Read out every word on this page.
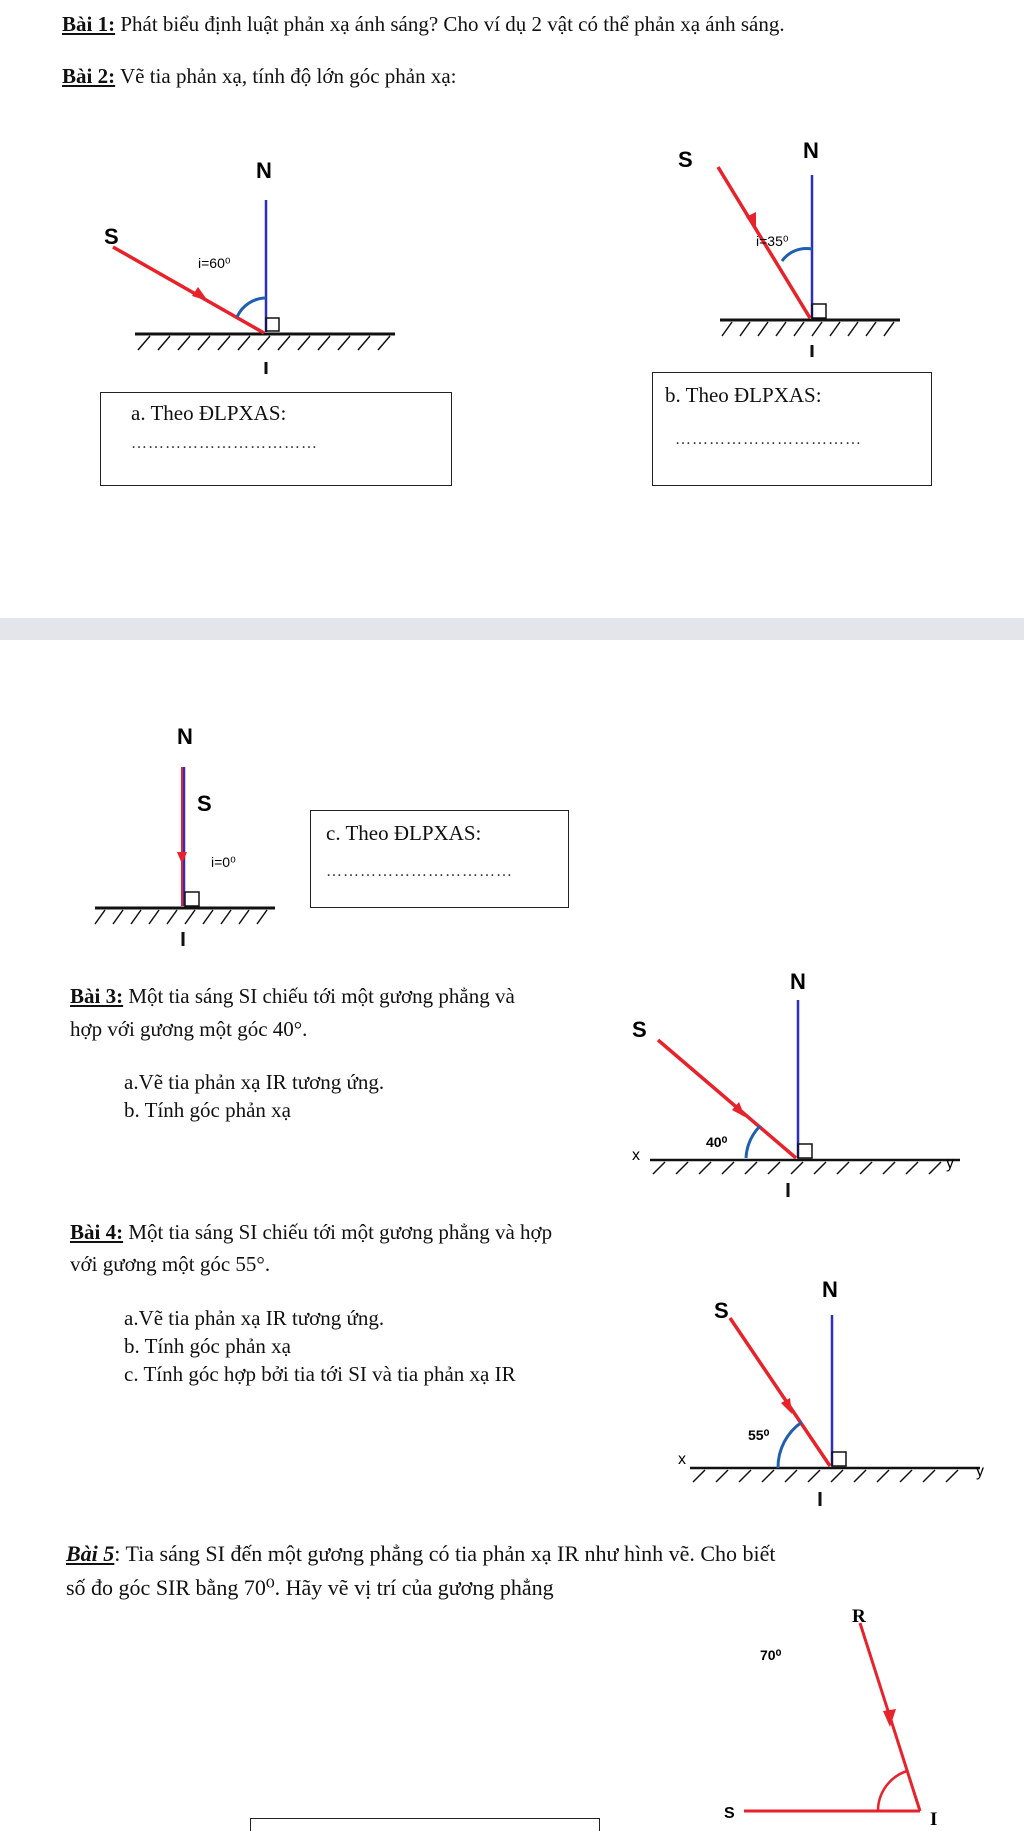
Bài 1: Phát biểu định luật phản xạ ánh sáng? Cho ví dụ 2 vật có thể phản xạ ánh sáng.
Bài 2: Vẽ tia phản xạ, tính độ lớn góc phản xạ:
N
S
i=60⁰
a. Theo ĐLPXAS:
……………………………
N
S
i=35⁰
b. Theo ĐLPXAS:
……………………………
N
S
i=0⁰
c. Theo ĐLPXAS:
……………………………
Bài 3: Một tia sáng SI chiếu tới một gương phẳng và
hợp với gương một góc 40°.
a.Vẽ tia phản xạ IR tương ứng.
b. Tính góc phản xạ
N
S
40⁰
x	y
Bài 4: Một tia sáng SI chiếu tới một gương phẳng và hợp
với gương một góc 55°.
a.Vẽ tia phản xạ IR tương ứng.
b. Tính góc phản xạ
c. Tính góc hợp bởi tia tới SI và tia phản xạ IR
N
S
55⁰
x
y
Bài 5: Tia sáng SI đến một gương phẳng có tia phản xạ IR như hình vẽ. Cho biết
số đo góc SIR bằng 70⁰. Hãy vẽ vị trí của gương phẳng
R
S	I
70⁰
